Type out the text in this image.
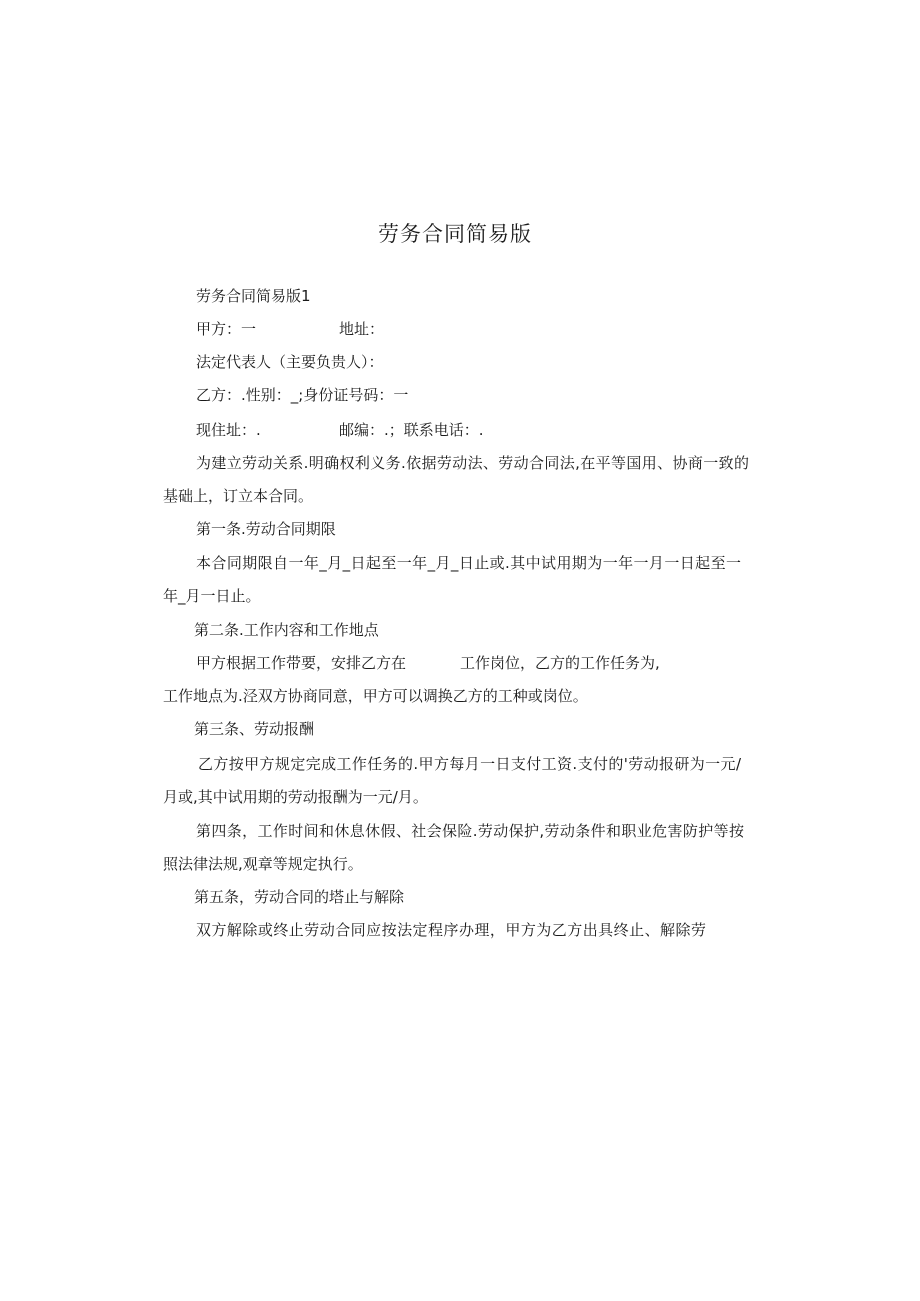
劳务合同简易版
劳务合同简易版1
甲方：一	地址：
法定代表人（主要负贵人）：
乙方：.性别：_;身份证号码：一
现住址：.	邮编：.；联系电话：.
为建立劳动关系.明确权利义务.依据劳动法、劳动合同法,在平等国用、协商一致的
基础上，订立本合同。
第一条.劳动合同期限
本合同期限自一年_月_日起至一年_月_日止或.其中试用期为一年一月一日起至一
年_月一日止。
第二条.工作内容和工作地点
甲方根据工作带要，安排乙方在	工作岗位，乙方的工作任务为,
工作地点为.泾双方协商同意，甲方可以调换乙方的工种或岗位。
第三条、劳动报酬
乙方按甲方规定完成工作任务的.甲方每月一日支付工资.支付的'劳动报研为一元/
月或,其中试用期的劳动报酬为一元/月。
第四条，工作时间和休息休假、社会保险.劳动保护,劳动条件和职业危害防护等按
照法律法规,观章等规定执行。
第五条，劳动合同的塔止与解除
双方解除或终止劳动合同应按法定程序办理，甲方为乙方出具终止、解除劳
